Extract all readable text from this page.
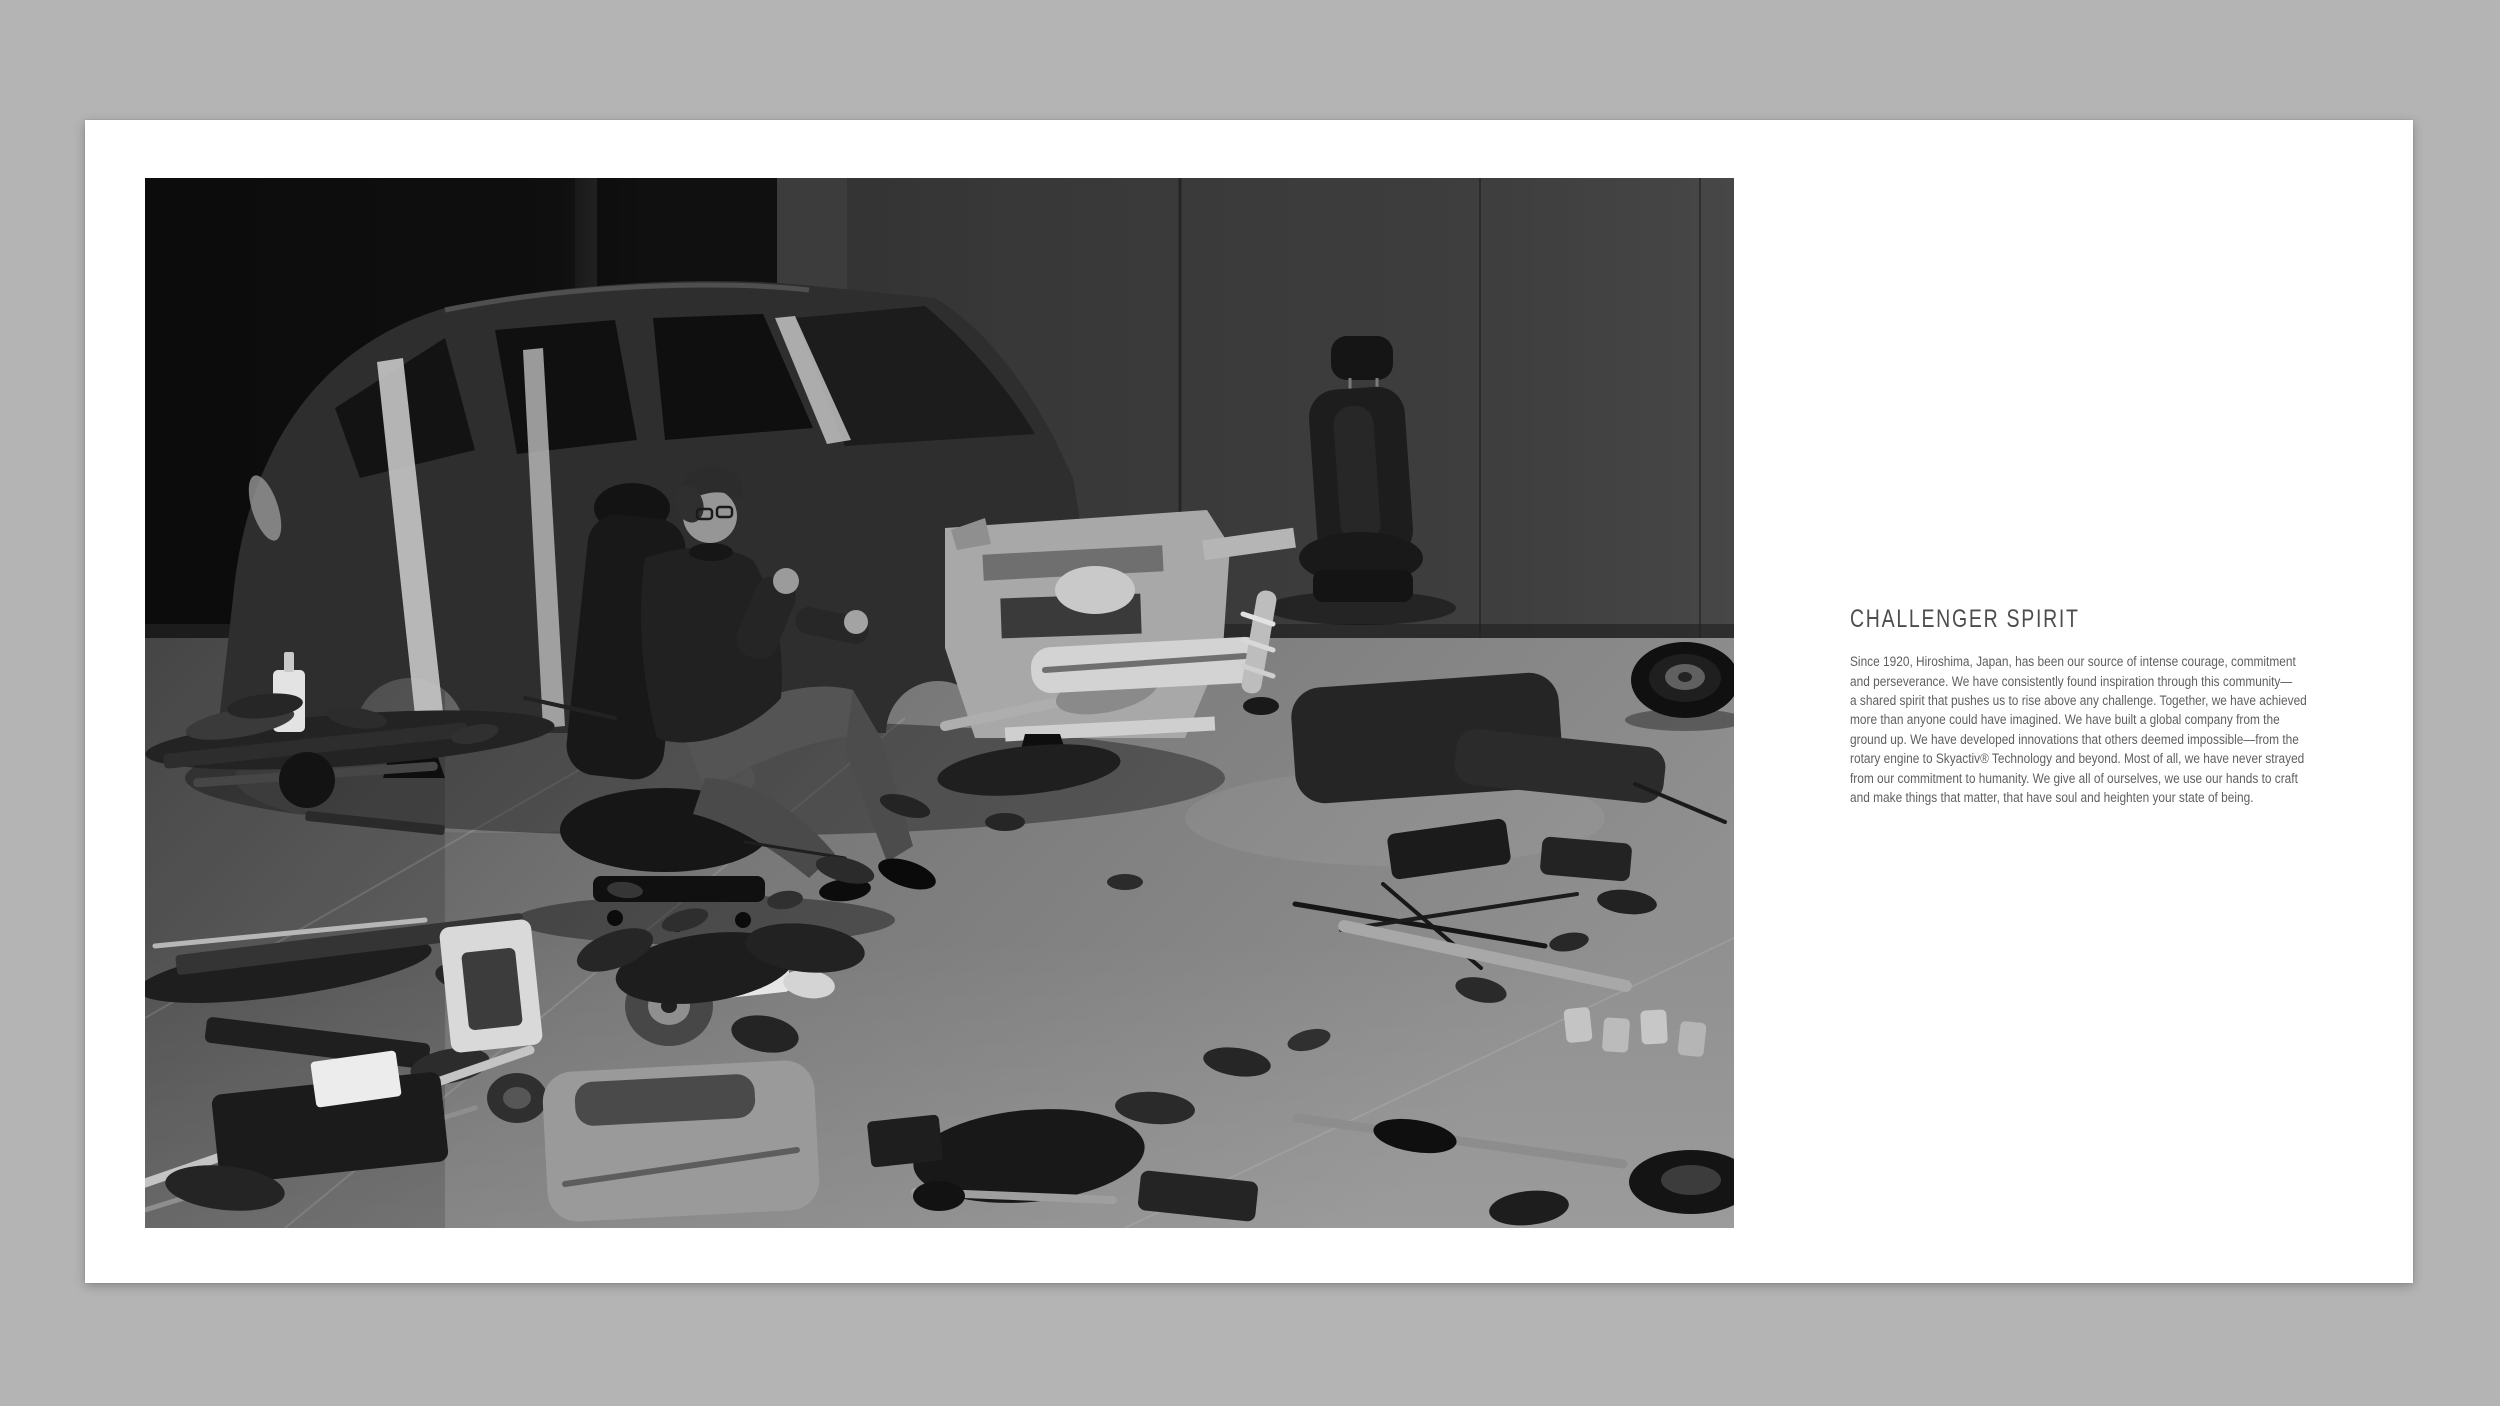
CHALLENGER SPIRIT
Since 1920, Hiroshima, Japan, has been our source of intense courage, commitment
and perseverance. We have consistently found inspiration through this community—
a shared spirit that pushes us to rise above any challenge. Together, we have achieved
more than anyone could have imagined. We have built a global company from the
ground up. We have developed innovations that others deemed impossible—from the
rotary engine to Skyactiv® Technology and beyond. Most of all, we have never strayed
from our commitment to humanity. We give all of ourselves, we use our hands to craft
and make things that matter, that have soul and heighten your state of being.
